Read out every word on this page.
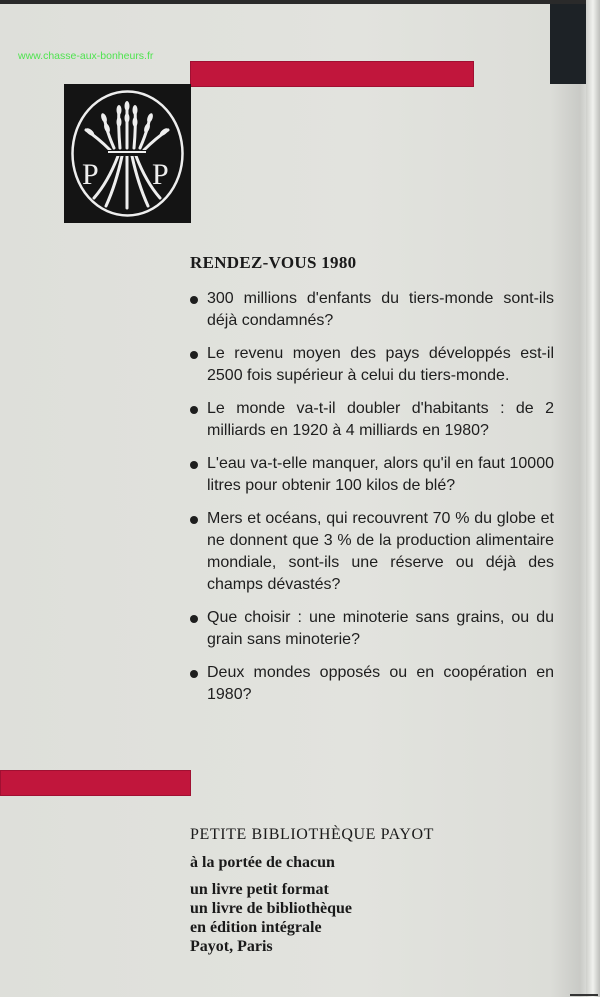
www.chasse-aux-bonheurs.fr
P P
RENDEZ-VOUS 1980
300 millions d'enfants du tiers-monde sont-ils déjà condamnés?
Le revenu moyen des pays développés est-il 2500 fois supérieur à celui du tiers-monde.
Le monde va-t-il doubler d'habitants : de 2 milliards en 1920 à 4 milliards en 1980?
L'eau va-t-elle manquer, alors qu'il en faut 10000 litres pour obtenir 100 kilos de blé?
Mers et océans, qui recouvrent 70 % du globe et ne donnent que 3 % de la production alimentaire mondiale, sont-ils une réserve ou déjà des champs dévastés?
Que choisir : une minoterie sans grains, ou du grain sans minoterie?
Deux mondes opposés ou en coopération en 1980?
PETITE BIBLIOTHÈQUE PAYOT
à la portée de chacun
un livre petit format
un livre de bibliothèque
en édition intégrale
Payot, Paris
